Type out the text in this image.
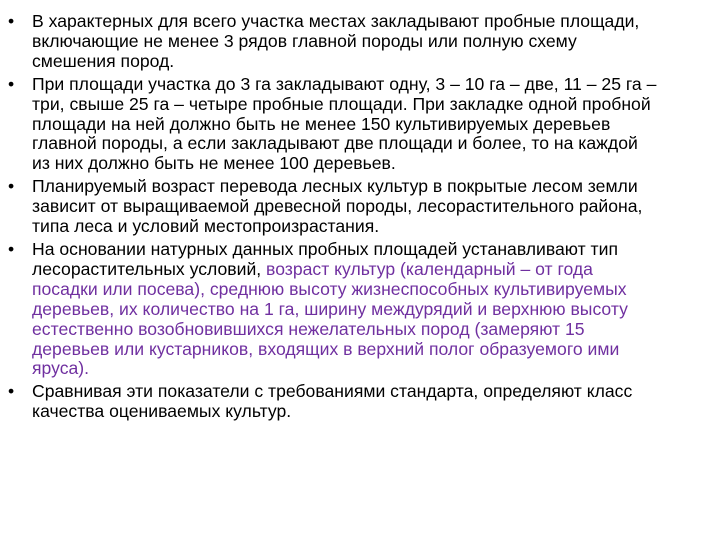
•	В характерных для всего участка местах закладывают пробные площади, включающие не менее 3 рядов главной породы или полную схему смешения пород.
•	При площади участка до 3 га закладывают одну, 3 – 10 га – две, 11 – 25 га – три, свыше 25 га – четыре пробные площади. При закладке одной пробной площади на ней должно быть не менее 150 культивируемых деревьев главной породы, а если закладывают две площади и более, то на каждой из них должно быть не менее 100 деревьев.
•	Планируемый возраст перевода лесных культур в покрытые лесом земли зависит от выращиваемой древесной породы, лесорастительного района, типа леса и условий местопроизрастания.
•	На основании натурных данных пробных площадей устанавливают тип лесорастительных условий, возраст культур (календарный – от года посадки или посева), среднюю высоту жизнеспособных культивируемых деревьев, их количество на 1 га, ширину междурядий и верхнюю высоту естественно возобновившихся нежелательных пород (замеряют 15 деревьев или кустарников, входящих в верхний полог образуемого ими яруса).
•	Сравнивая эти показатели с требованиями стандарта, определяют класс качества оцениваемых культур.
